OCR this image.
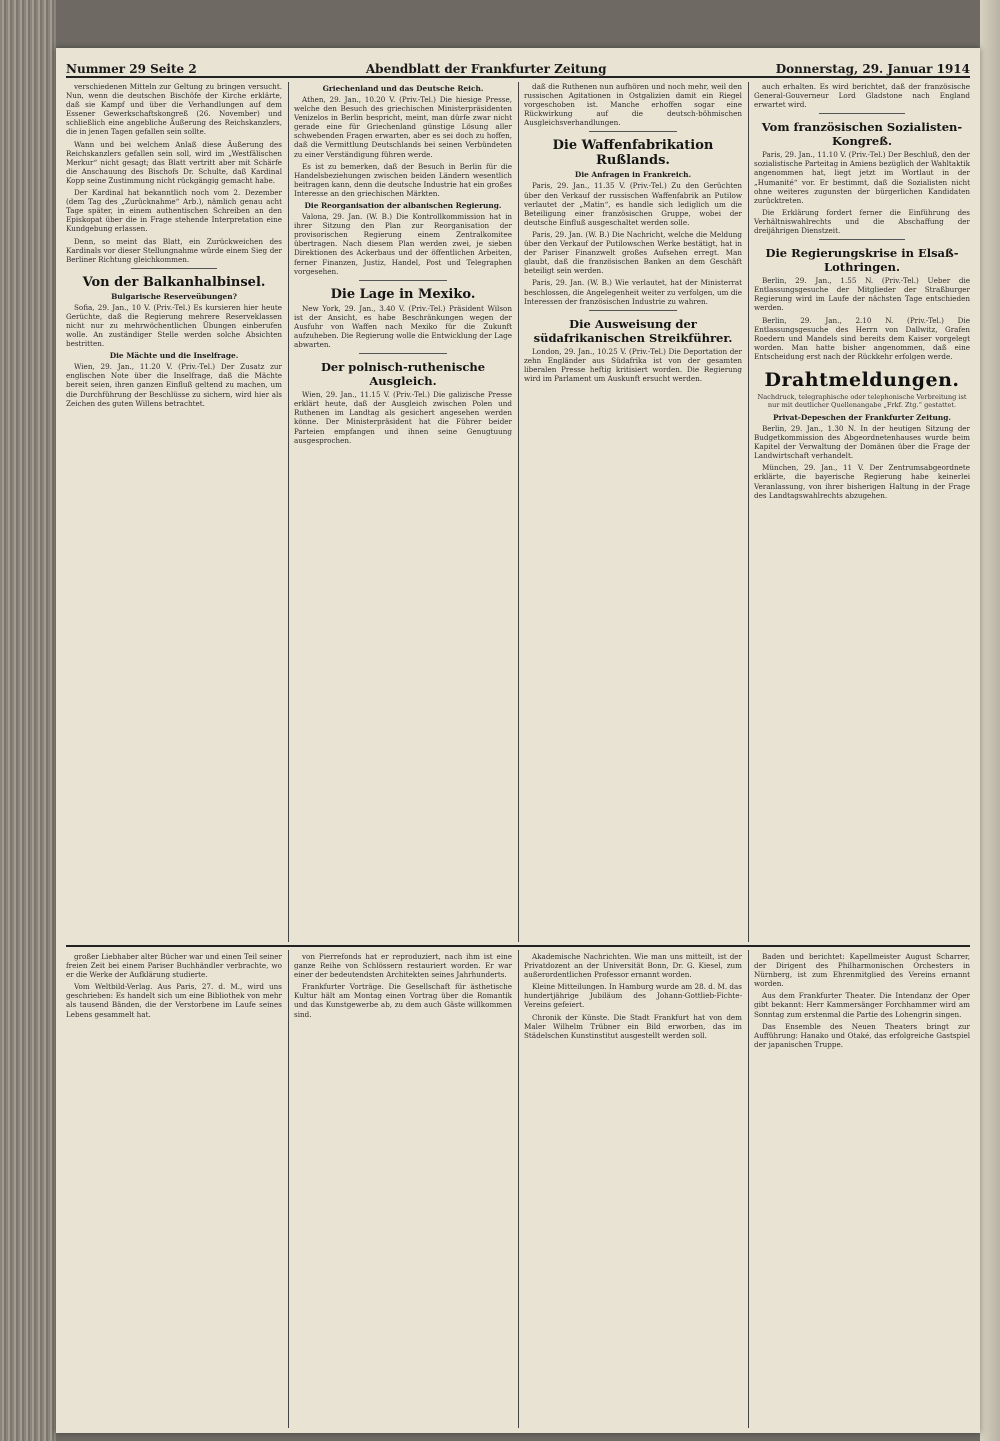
Nummer 29 Seite 2	Abendblatt der Frankfurter Zeitung	Donnerstag, 29. Januar 1914

verschiedenen Mitteln zur Geltung zu bringen versucht. Nun, wenn die deutschen Bischöfe der Kirche erklärte, daß sie Kampf und über die Verhandlungen auf dem Essener Gewerkschaftskongreß (26. November) und schließlich eine angebliche Äußerung des Reichskanzlers, die in jenen Tagen gefallen sein sollte.

Wann und bei welchem Anlaß diese Äußerung des Reichskanzlers gefallen sein soll, wird im „Westfälischen Merkur“ nicht gesagt; das Blatt vertritt aber mit Schärfe die Anschauung des Bischofs Dr. Schulte, daß Kardinal Kopp seine Zustimmung nicht rückgängig gemacht habe.

Der Kardinal hat bekanntlich noch vom 2. Dezember (dem Tag des „Zurücknahme“ Arb.), nämlich genau acht Tage später, in einem authentischen Schreiben an den Episkopat über die in Frage stehende Interpretation eine Kundgebung erlassen.

Denn, so meint das Blatt, ein Zurückweichen des Kardinals vor dieser Stellungnahme würde einem Sieg der Berliner Richtung gleichkommen.

Von der Balkanhalbinsel.
Bulgarische Reserveübungen?

Sofia, 29. Jan., 10 V. (Priv.-Tel.) Es kursieren hier heute Gerüchte, daß die Regierung mehrere Reserveklassen nicht nur zu mehrwöchentlichen Übungen einberufen wolle. An zuständiger Stelle werden solche Absichten bestritten.

Die Mächte und die Inselfrage.

Wien, 29. Jan., 11.20 V. (Priv.-Tel.) Der Zusatz zur englischen Note über die Inselfrage, daß die Mächte bereit seien, ihren ganzen Einfluß geltend zu machen, um die Durchführung der Beschlüsse zu sichern, wird hier als Zeichen des guten Willens betrachtet.

Griechenland und das Deutsche Reich.

Athen, 29. Jan., 10.20 V. (Priv.-Tel.) Die hiesige Presse, welche den Besuch des griechischen Ministerpräsidenten Venizelos in Berlin bespricht, meint, man dürfe zwar nicht gerade eine für Griechenland günstige Lösung aller schwebenden Fragen erwarten, aber es sei doch zu hoffen, daß die Vermittlung Deutschlands bei seinen Verbündeten zu einer Verständigung führen werde.

Es ist zu bemerken, daß der Besuch in Berlin für die Handelsbeziehungen zwischen beiden Ländern wesentlich beitragen kann, denn die deutsche Industrie hat ein großes Interesse an den griechischen Märkten.

Die Reorganisation der albanischen Regierung.

Valona, 29. Jan. (W. B.) Die Kontrollkommission hat in ihrer Sitzung den Plan zur Reorganisation der provisorischen Regierung einem Zentralkomitee übertragen. Nach diesem Plan werden zwei, je sieben Direktionen des Ackerbaus und der öffentlichen Arbeiten, ferner Finanzen, Justiz, Handel, Post und Telegraphen vorgesehen.

Die Lage in Mexiko.

New York, 29. Jan., 3.40 V. (Priv.-Tel.) Präsident Wilson ist der Ansicht, es habe Beschränkungen wegen der Ausfuhr von Waffen nach Mexiko für die Zukunft aufzuheben. Die Regierung wolle die Entwicklung der Lage abwarten.

Der polnisch-ruthenische Ausgleich.

Wien, 29. Jan., 11.15 V. (Priv.-Tel.) Die galizische Presse erklärt heute, daß der Ausgleich zwischen Polen und Ruthenen im Landtag als gesichert angesehen werden könne. Der Ministerpräsident hat die Führer beider Parteien empfangen und ihnen seine Genugtuung ausgesprochen.

daß die Ruthenen nun aufhören und noch mehr, weil den russischen Agitationen in Ostgalizien damit ein Riegel vorgeschoben ist. Manche erhoffen sogar eine Rückwirkung auf die deutsch-böhmischen Ausgleichsverhandlungen.

Die Waffenfabrikation Rußlands.
Die Anfragen in Frankreich.

Paris, 29. Jan., 11.35 V. (Priv.-Tel.) Zu den Gerüchten über den Verkauf der russischen Waffenfabrik an Putilow verlautet der „Matin“, es handle sich lediglich um die Beteiligung einer französischen Gruppe, wobei der deutsche Einfluß ausgeschaltet werden solle.

Paris, 29. Jan. (W. B.) Die Nachricht, welche die Meldung über den Verkauf der Putilowschen Werke bestätigt, hat in der Pariser Finanzwelt großes Aufsehen erregt. Man glaubt, daß die französischen Banken an dem Geschäft beteiligt sein werden.

Paris, 29. Jan. (W. B.) Wie verlautet, hat der Ministerrat beschlossen, die Angelegenheit weiter zu verfolgen, um die Interessen der französischen Industrie zu wahren.

Die Ausweisung der südafrikanischen Streikführer.

London, 29. Jan., 10.25 V. (Priv.-Tel.) Die Deportation der zehn Engländer aus Südafrika ist von der gesamten liberalen Presse heftig kritisiert worden. Die Regierung wird im Parlament um Auskunft ersucht werden.

auch erhalten. Es wird berichtet, daß der französische General-Gouverneur Lord Gladstone nach England erwartet wird.

Vom französischen Sozialisten-Kongreß.

Paris, 29. Jan., 11.10 V. (Priv.-Tel.) Der Beschluß, den der sozialistische Parteitag in Amiens bezüglich der Wahltaktik angenommen hat, liegt jetzt im Wortlaut in der „Humanité“ vor. Er bestimmt, daß die Sozialisten nicht ohne weiteres zugunsten der bürgerlichen Kandidaten zurücktreten.

Die Erklärung fordert ferner die Einführung des Verhältniswahlrechts und die Abschaffung der dreijährigen Dienstzeit.

Die Regierungskrise in Elsaß-Lothringen.

Berlin, 29. Jan., 1.55 N. (Priv.-Tel.) Ueber die Entlassungsgesuche der Mitglieder der Straßburger Regierung wird im Laufe der nächsten Tage entschieden werden.

Berlin, 29. Jan., 2.10 N. (Priv.-Tel.) Die Entlassungsgesuche des Herrn von Dallwitz, Grafen Roedern und Mandels sind bereits dem Kaiser vorgelegt worden. Man hatte bisher angenommen, daß eine Entscheidung erst nach der Rückkehr erfolgen werde.

Drahtmeldungen.
Nachdruck, telegraphische oder telephonische Verbreitung ist nur mit deutlicher Quellenangabe „Frkf. Ztg.“ gestattet.
Privat-Depeschen der Frankfurter Zeitung.

Berlin, 29. Jan., 1.30 N. In der heutigen Sitzung der Budgetkommission des Abgeordnetenhauses wurde beim Kapitel der Verwaltung der Domänen über die Frage der Landwirtschaft verhandelt.

München, 29. Jan., 11 V. Der Zentrumsabgeordnete erklärte, die bayerische Regierung habe keinerlei Veranlassung, von ihrer bisherigen Haltung in der Frage des Landtagswahlrechts abzugehen.

großer Liebhaber alter Bücher war und einen Teil seiner freien Zeit bei einem Pariser Buchhändler verbrachte, wo er die Werke der Aufklärung studierte.

Vom Weltbild-Verlag. Aus Paris, 27. d. M., wird uns geschrieben: Es handelt sich um eine Bibliothek von mehr als tausend Bänden, die der Verstorbene im Laufe seines Lebens gesammelt hat.

von Pierrefonds hat er reproduziert, nach ihm ist eine ganze Reihe von Schlössern restauriert worden. Er war einer der bedeutendsten Architekten seines Jahrhunderts.

Frankfurter Vorträge. Die Gesellschaft für ästhetische Kultur hält am Montag einen Vortrag über die Romantik und das Kunstgewerbe ab, zu dem auch Gäste willkommen sind.

Akademische Nachrichten. Wie man uns mitteilt, ist der Privatdozent an der Universität Bonn, Dr. G. Kiesel, zum außerordentlichen Professor ernannt worden.

Kleine Mitteilungen. In Hamburg wurde am 28. d. M. das hundertjährige Jubiläum des Johann-Gottlieb-Fichte-Vereins gefeiert.

Chronik der Künste. Die Stadt Frankfurt hat von dem Maler Wilhelm Trübner ein Bild erworben, das im Städelschen Kunstinstitut ausgestellt werden soll.

Baden und berichtet: Kapellmeister August Scharrer, der Dirigent des Philharmonischen Orchesters in Nürnberg, ist zum Ehrenmitglied des Vereins ernannt worden.

Aus dem Frankfurter Theater. Die Intendanz der Oper gibt bekannt: Herr Kammersänger Forchhammer wird am Sonntag zum erstenmal die Partie des Lohengrin singen.

Das Ensemble des Neuen Theaters bringt zur Aufführung: Hanako und Otaké, das erfolgreiche Gastspiel der japanischen Truppe.
